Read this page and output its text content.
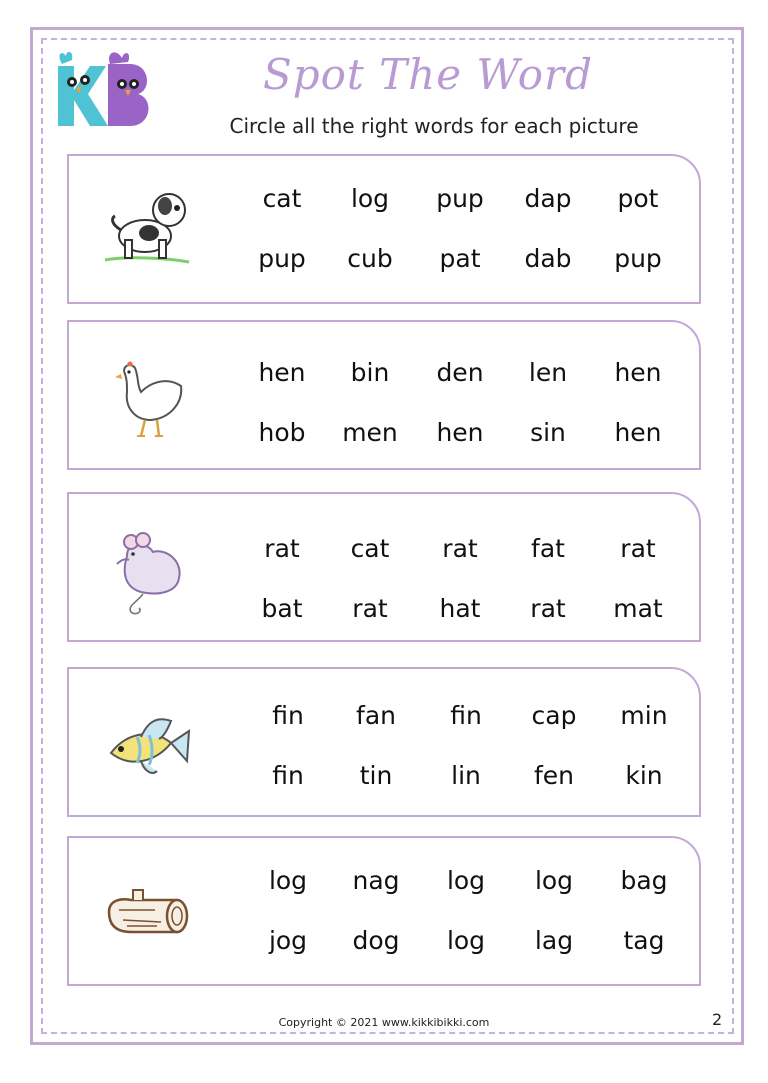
Spot The Word
Circle all the right words for each picture
cat	log	pup	dap	pot
pup	cub	pat	dab	pup
hen	bin	den	len	hen
hob	men	hen	sin	hen
rat	cat	rat	fat	rat
bat	rat	hat	rat	mat
fin	fan	fin	cap	min
fin	tin	lin	fen	kin
log	nag	log	log	bag
jog	dog	log	lag	tag
Copyright © 2021 www.kikkibikki.com	2
